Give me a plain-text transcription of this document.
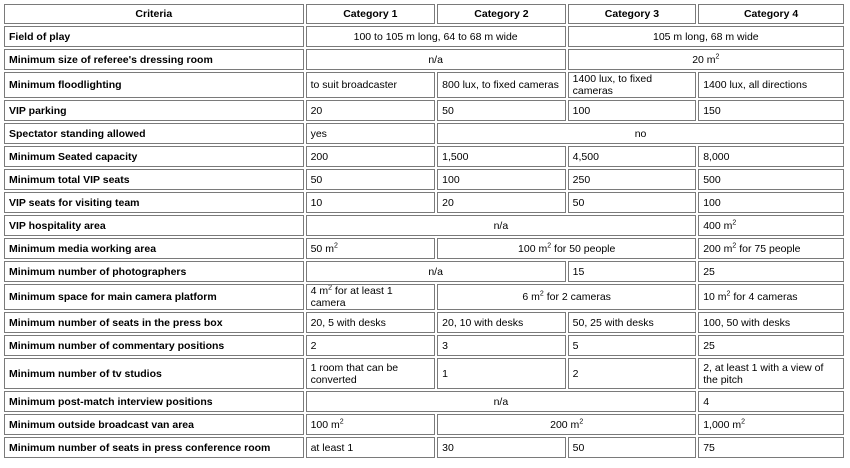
Criteria	Category 1	Category 2	Category 3	Category 4
Field of play	100 to 105 m long, 64 to 68 m wide		105 m long, 68 m wide	
Minimum size of referee's dressing room	n/a		20 $m^2$
Minimum floodlighting	to suit broadcaster	800 lux, to fixed cameras	1400 lux, to fixed cameras	1400 lux, all directions
VIP parking	20	50	100	150
Spectator standing allowed	yes	no		
Minimum Seated capacity	200	1,500	4,500	8,000
Minimum total VIP seats	50	100	250	500
VIP seats for visiting team	10	20	50	100
VIP hospitality area	n/a			400 $m^2$
Minimum media working area	50 $m^2$	100 $m^2$ for 50 people		200 $m^2$ for 75 people
Minimum number of photographers	n/a		15	25
Minimum space for main camera platform	4 $m^2$ for at least 1 camera	6 $m^2$ for 2 cameras		10 $m^2$ for 4 cameras
Minimum number of seats in the press box	20, 5 with desks	20, 10 with desks	50, 25 with desks	100, 50 with desks
Minimum number of commentary positions	2	3	5	25
Minimum number of tv studios	1 room that can be converted	1	2	2, at least 1 with a view of the pitch
Minimum post-match interview positions	n/a			4
Minimum outside broadcast van area	100 $m^2$	200 $m^2$		1,000 $m^2$
Minimum number of seats in press conference room	at least 1	30	50	75
